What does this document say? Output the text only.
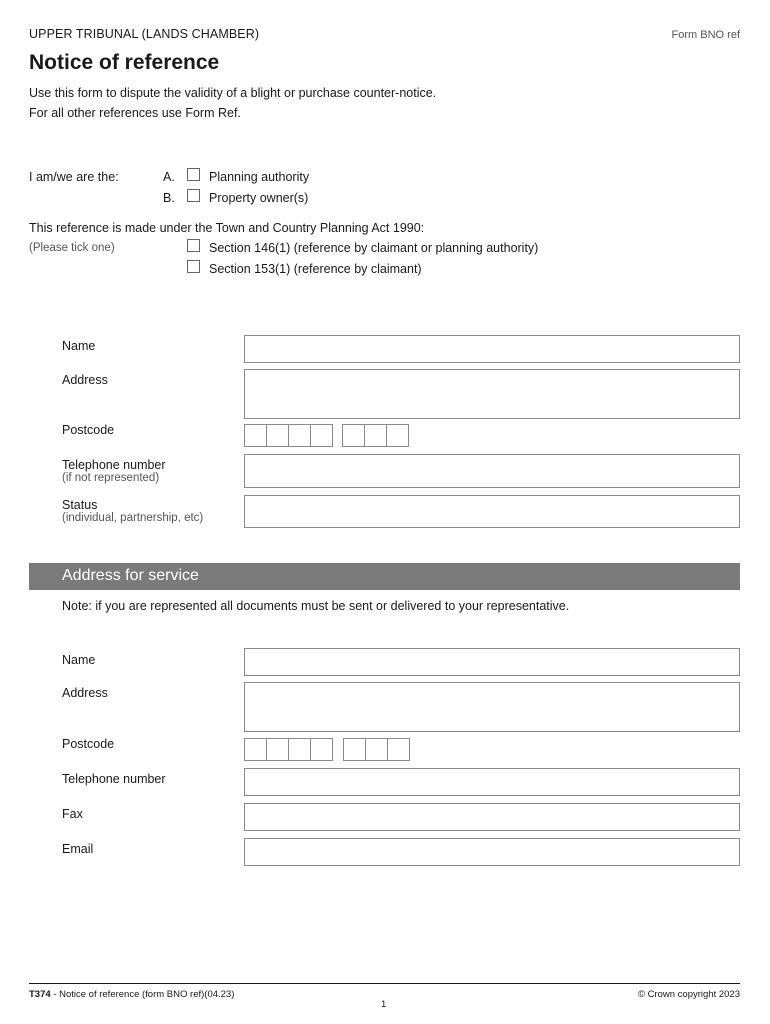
UPPER TRIBUNAL (LANDS CHAMBER)	Form BNO ref
Notice of reference
Use this form to dispute the validity of a blight or purchase counter-notice.
For all other references use Form Ref.
I am/we are the:	A.	Planning authority
B.	Property owner(s)
This reference is made under the Town and Country Planning Act 1990:
(Please tick one)	Section 146(1) (reference by claimant or planning authority)
Section 153(1) (reference by claimant)
Name
Address
Postcode
Telephone number
(if not represented)
Status
(individual, partnership, etc)
Address for service
Note: if you are represented all documents must be sent or delivered to your representative.
Name
Address
Postcode
Telephone number
Fax
Email
T374 - Notice of reference (form BNO ref)(04.23)
1
© Crown copyright 2023
